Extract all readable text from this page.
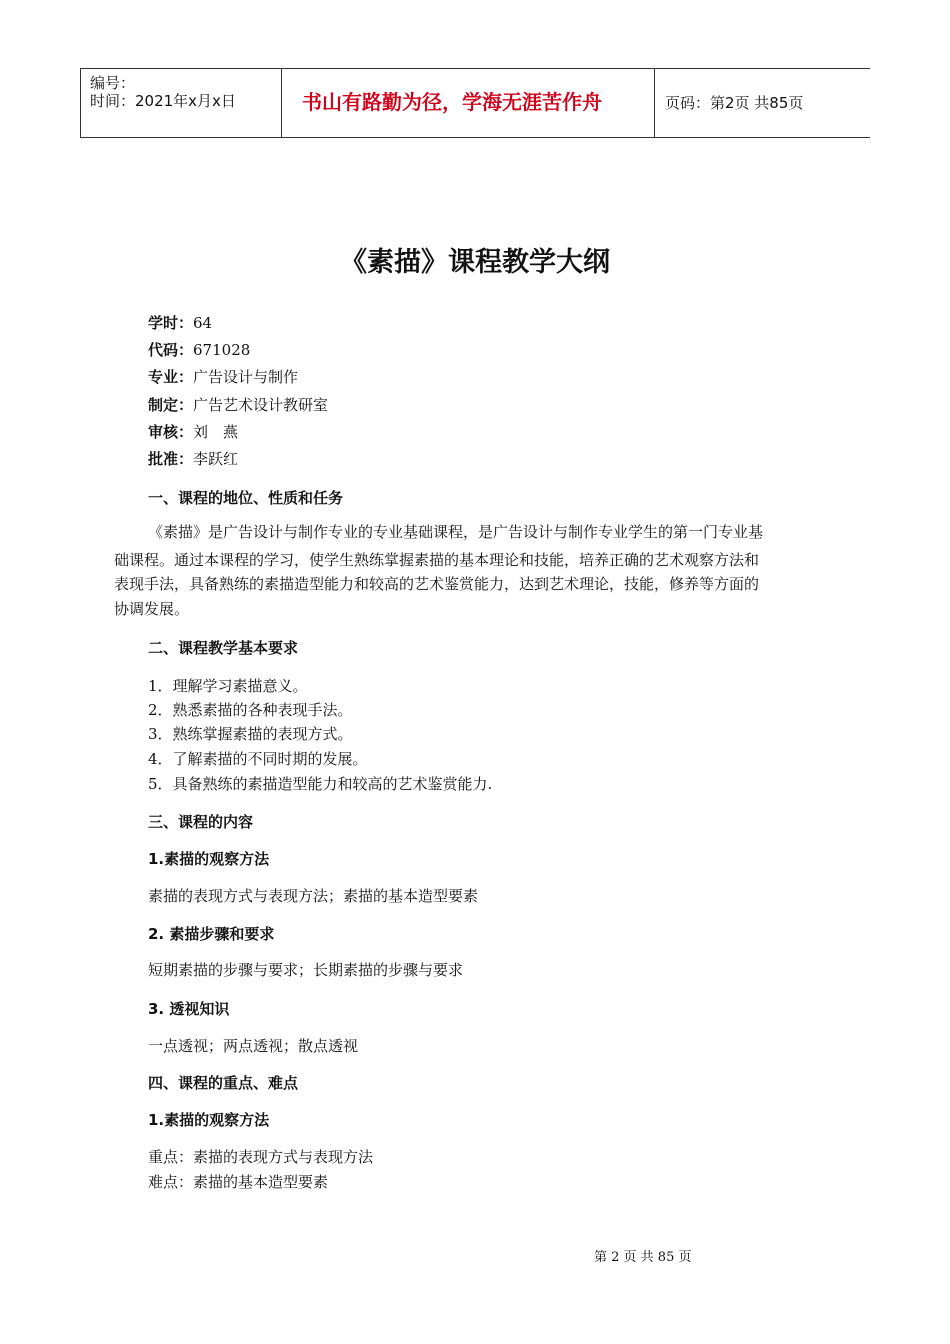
编号：
时间：2021年x月x日	书山有路勤为径，学海无涯苦作舟	页码：第2页 共85页
《素描》课程教学大纲
学时：64
代码：671028
专业：广告设计与制作
制定：广告艺术设计教研室
审核：刘　燕
批准：李跃红
一、课程的地位、性质和任务
《素描》是广告设计与制作专业的专业基础课程，是广告设计与制作专业学生的第一门专业基
础课程。通过本课程的学习，使学生熟练掌握素描的基本理论和技能，培养正确的艺术观察方法和
表现手法，具备熟练的素描造型能力和较高的艺术鉴赏能力，达到艺术理论，技能，修养等方面的
协调发展。
二、课程教学基本要求
1．理解学习素描意义。
2．熟悉素描的各种表现手法。
3．熟练掌握素描的表现方式。
4．了解素描的不同时期的发展。
5．具备熟练的素描造型能力和较高的艺术鉴赏能力.
三、课程的内容
1.素描的观察方法
素描的表现方式与表现方法；素描的基本造型要素
2. 素描步骤和要求
短期素描的步骤与要求；长期素描的步骤与要求
3. 透视知识
一点透视；两点透视；散点透视
四、课程的重点、难点
1.素描的观察方法
重点：素描的表现方式与表现方法
难点：素描的基本造型要素
第 2 页 共 85 页
